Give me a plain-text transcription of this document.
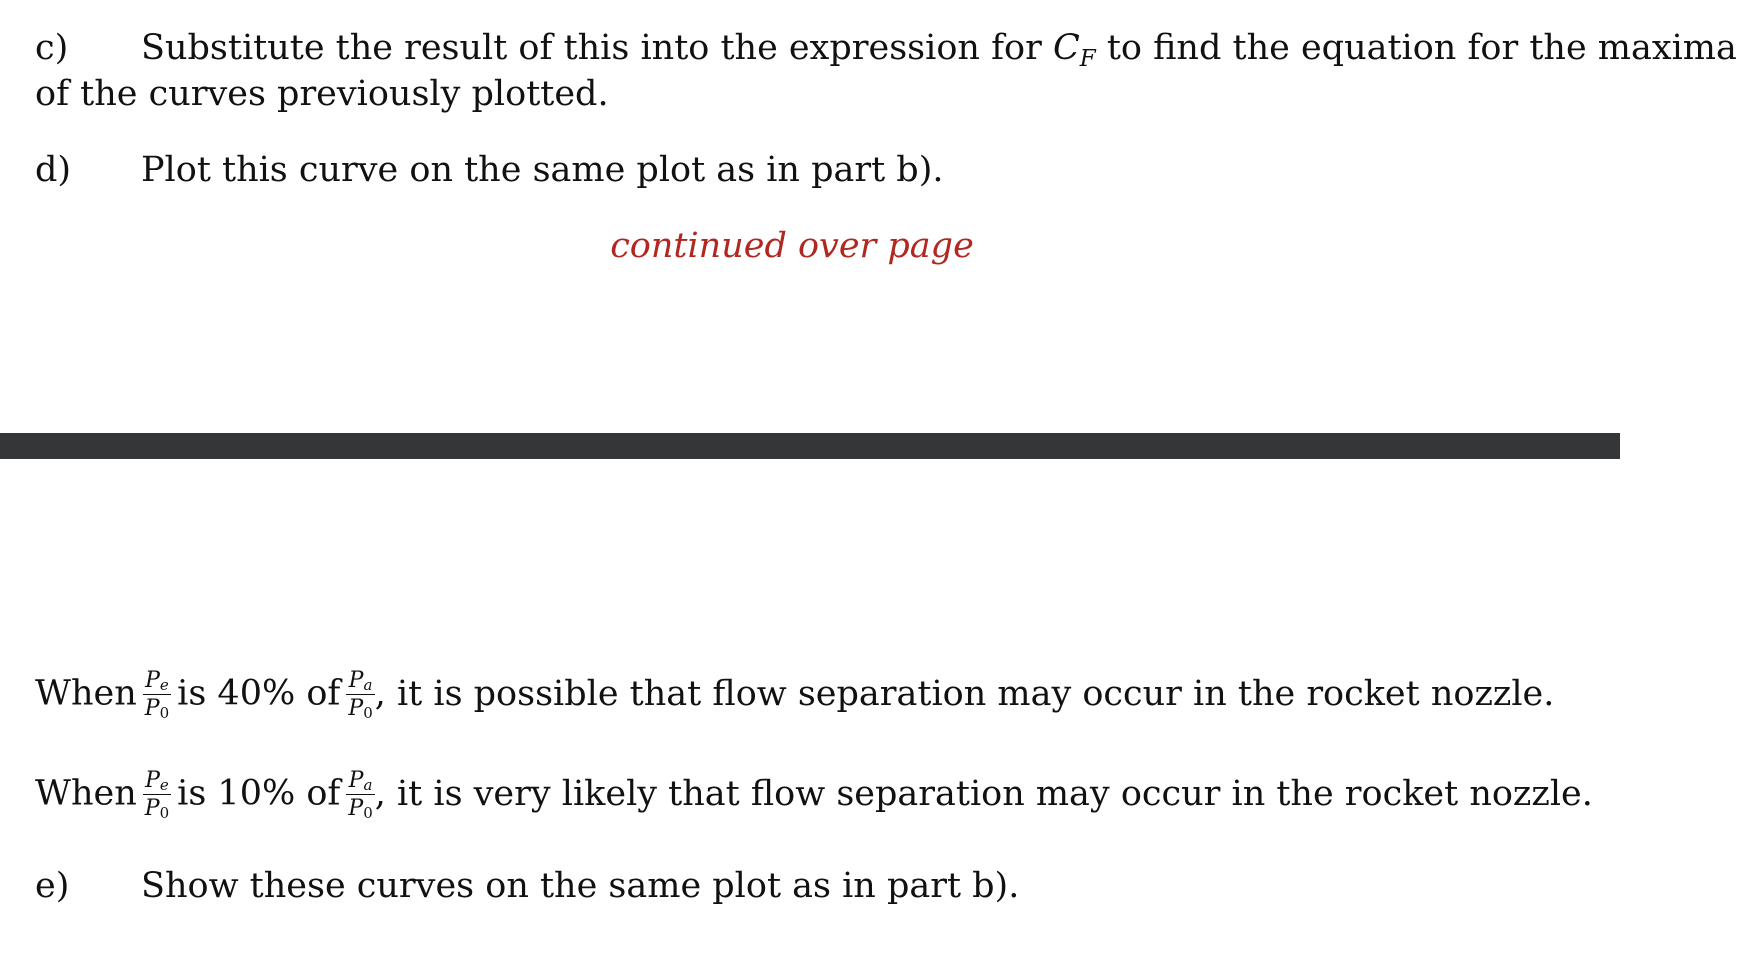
c) Substitute the result of this into the expression for $C_F$ to find the equation for the maxima
of the curves previously plotted.
d) Plot this curve on the same plot as in part b).
continued over page
When $\frac{P_e}{P_0}$ is 40% of $\frac{P_a}{P_0}$ , it is possible that flow separation may occur in the rocket nozzle.
When $\frac{P_e}{P_0}$ is 10% of $\frac{P_a}{P_0}$ , it is very likely that flow separation may occur in the rocket nozzle.
e) Show these curves on the same plot as in part b).
